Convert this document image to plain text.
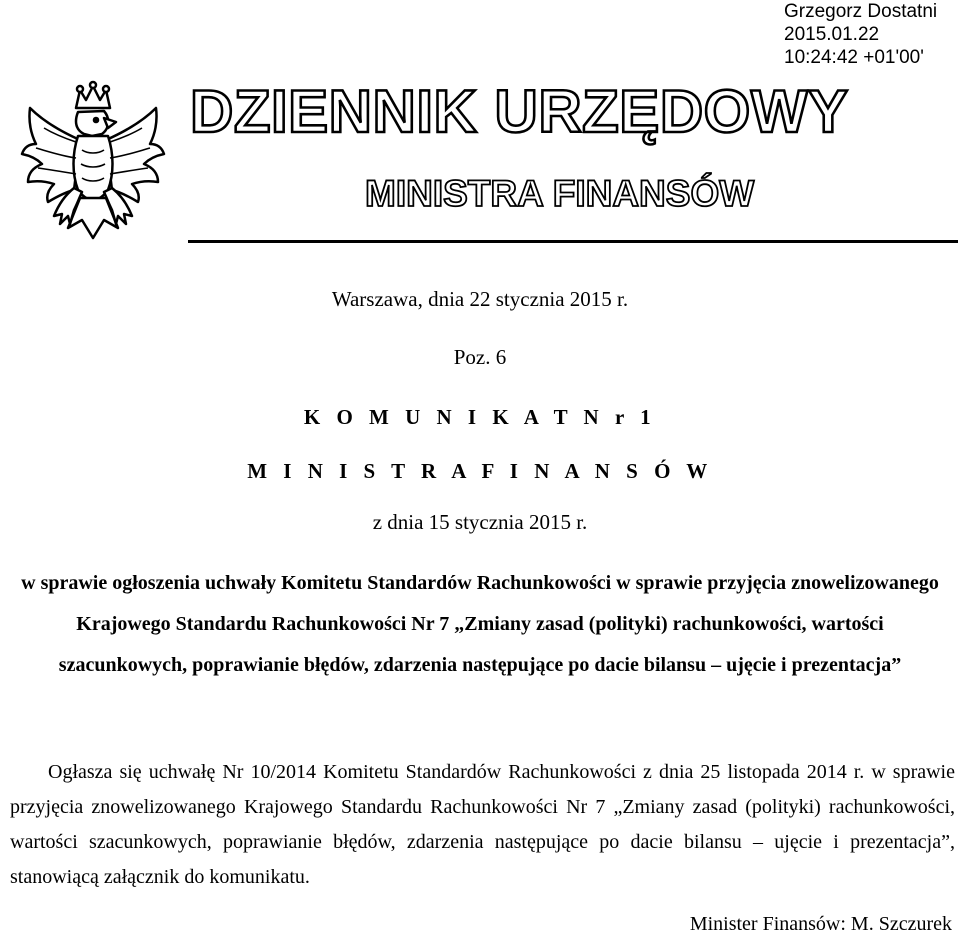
Grzegorz Dostatni
2015.01.22
10:24:42 +01'00'
DZIENNIK URZĘDOWY
MINISTRA FINANSÓW
Warszawa, dnia 22 stycznia 2015 r.
Poz. 6
K O M U N I K A T N r 1
M I N I S T R A F I N A N S Ó W
z dnia 15 stycznia 2015 r.
w sprawie ogłoszenia uchwały Komitetu Standardów Rachunkowości w sprawie przyjęcia znowelizowanego Krajowego Standardu Rachunkowości Nr 7 „Zmiany zasad (polityki) rachunkowości, wartości szacunkowych, poprawianie błędów, zdarzenia następujące po dacie bilansu – ujęcie i prezentacja”
Ogłasza się uchwałę Nr 10/2014 Komitetu Standardów Rachunkowości z dnia 25 listopada 2014 r. w sprawie przyjęcia znowelizowanego Krajowego Standardu Rachunkowości Nr 7 „Zmiany zasad (polityki) rachunkowości, wartości szacunkowych, poprawianie błędów, zdarzenia następujące po dacie bilansu – ujęcie i prezentacja”, stanowiącą załącznik do komunikatu.
Minister Finansów: M. Szczurek
